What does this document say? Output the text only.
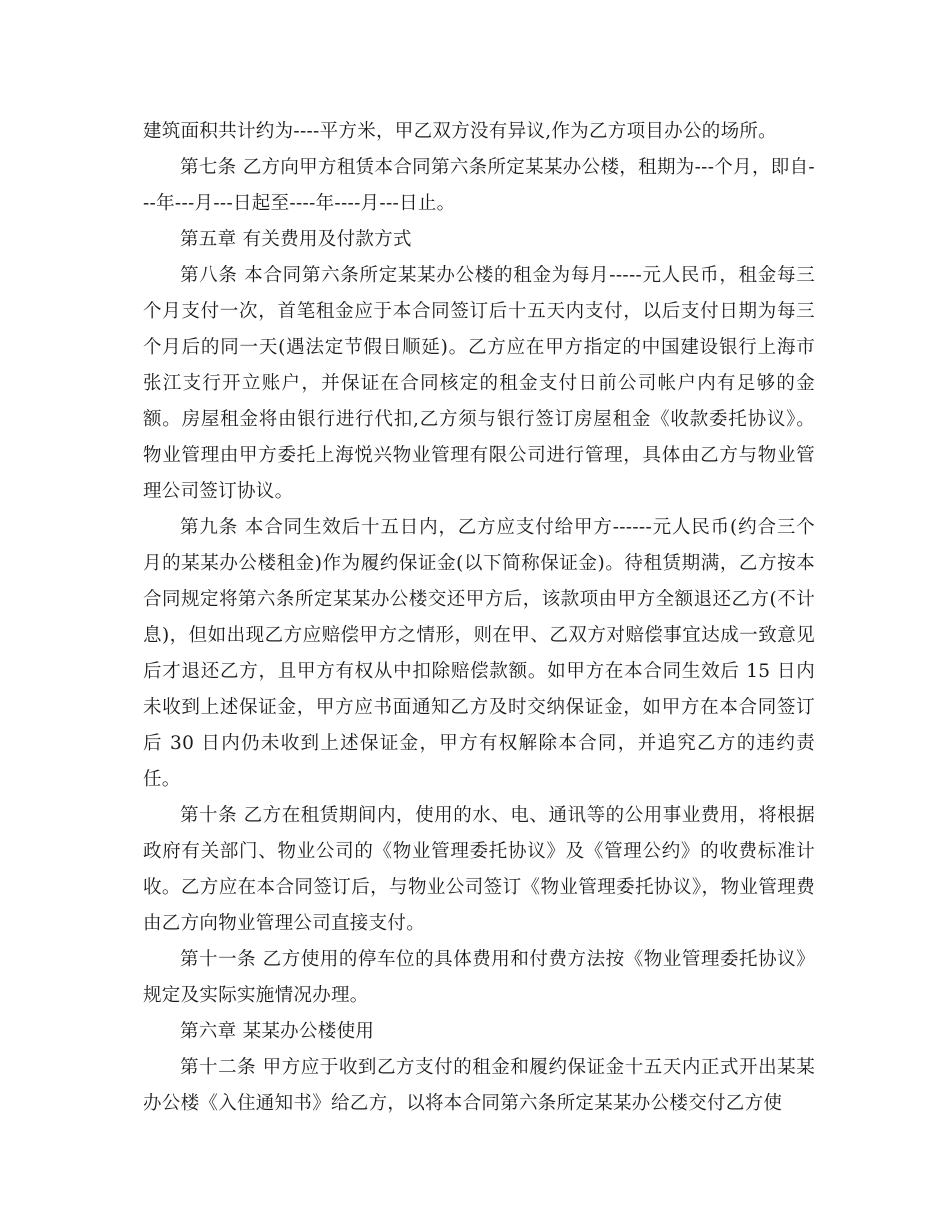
建筑面积共计约为----平方米，甲乙双方没有异议,作为乙方项目办公的场所。

第七条 乙方向甲方租赁本合同第六条所定某某办公楼，租期为---个月，即自---年---月---日起至----年----月---日止。

第五章 有关费用及付款方式

第八条 本合同第六条所定某某办公楼的租金为每月-----元人民币，租金每三个月支付一次，首笔租金应于本合同签订后十五天内支付，以后支付日期为每三个月后的同一天(遇法定节假日顺延)。乙方应在甲方指定的中国建设银行上海市张江支行开立账户，并保证在合同核定的租金支付日前公司帐户内有足够的金额。房屋租金将由银行进行代扣,乙方须与银行签订房屋租金《收款委托协议》。物业管理由甲方委托上海悦兴物业管理有限公司进行管理，具体由乙方与物业管理公司签订协议。

第九条 本合同生效后十五日内，乙方应支付给甲方------元人民币(约合三个月的某某办公楼租金)作为履约保证金(以下简称保证金)。待租赁期满，乙方按本合同规定将第六条所定某某办公楼交还甲方后，该款项由甲方全额退还乙方(不计息)，但如出现乙方应赔偿甲方之情形，则在甲、乙双方对赔偿事宜达成一致意见后才退还乙方，且甲方有权从中扣除赔偿款额。如甲方在本合同生效后 15 日内未收到上述保证金，甲方应书面通知乙方及时交纳保证金，如甲方在本合同签订后 30 日内仍未收到上述保证金，甲方有权解除本合同，并追究乙方的违约责任。

第十条 乙方在租赁期间内，使用的水、电、通讯等的公用事业费用，将根据政府有关部门、物业公司的《物业管理委托协议》及《管理公约》的收费标准计收。乙方应在本合同签订后，与物业公司签订《物业管理委托协议》，物业管理费由乙方向物业管理公司直接支付。

第十一条 乙方使用的停车位的具体费用和付费方法按《物业管理委托协议》规定及实际实施情况办理。

第六章 某某办公楼使用

第十二条 甲方应于收到乙方支付的租金和履约保证金十五天内正式开出某某办公楼《入住通知书》给乙方，以将本合同第六条所定某某办公楼交付乙方使
